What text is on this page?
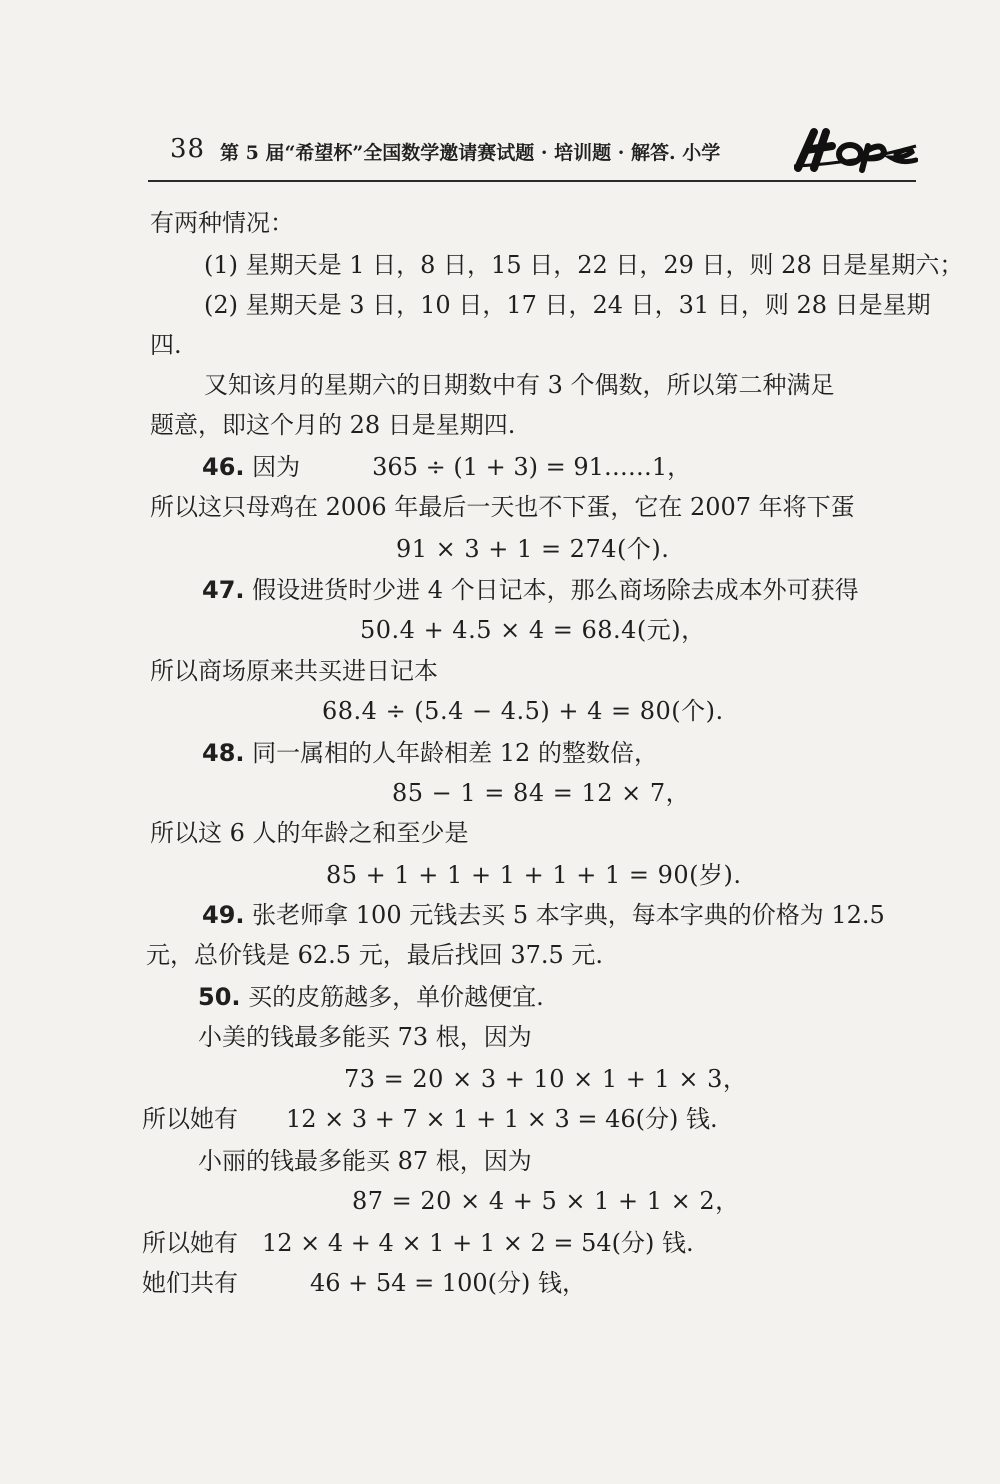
38 第 5 届“希望杯”全国数学邀请赛试题 · 培训题 · 解答. 小学
有两种情况：
(1) 星期天是 1 日，8 日，15 日，22 日，29 日，则 28 日是星期六；
(2) 星期天是 3 日，10 日，17 日，24 日，31 日，则 28 日是星期
四.
又知该月的星期六的日期数中有 3 个偶数，所以第二种满足
题意，即这个月的 28 日是星期四.
46. 因为　　　365 ÷ (1 + 3) = 91……1，
所以这只母鸡在 2006 年最后一天也不下蛋，它在 2007 年将下蛋
91 × 3 + 1 = 274(个).
47. 假设进货时少进 4 个日记本，那么商场除去成本外可获得
50.4 + 4.5 × 4 = 68.4(元)，
所以商场原来共买进日记本
68.4 ÷ (5.4 − 4.5) + 4 = 80(个).
48. 同一属相的人年龄相差 12 的整数倍，
85 − 1 = 84 = 12 × 7，
所以这 6 人的年龄之和至少是
85 + 1 + 1 + 1 + 1 + 1 = 90(岁).
49. 张老师拿 100 元钱去买 5 本字典，每本字典的价格为 12.5
元，总价钱是 62.5 元，最后找回 37.5 元.
50. 买的皮筋越多，单价越便宜.
小美的钱最多能买 73 根，因为
73 = 20 × 3 + 10 × 1 + 1 × 3，
所以她有　　12 × 3 + 7 × 1 + 1 × 3 = 46(分) 钱.
小丽的钱最多能买 87 根，因为
87 = 20 × 4 + 5 × 1 + 1 × 2，
所以她有　12 × 4 + 4 × 1 + 1 × 2 = 54(分) 钱.
她们共有　　　46 + 54 = 100(分) 钱，
